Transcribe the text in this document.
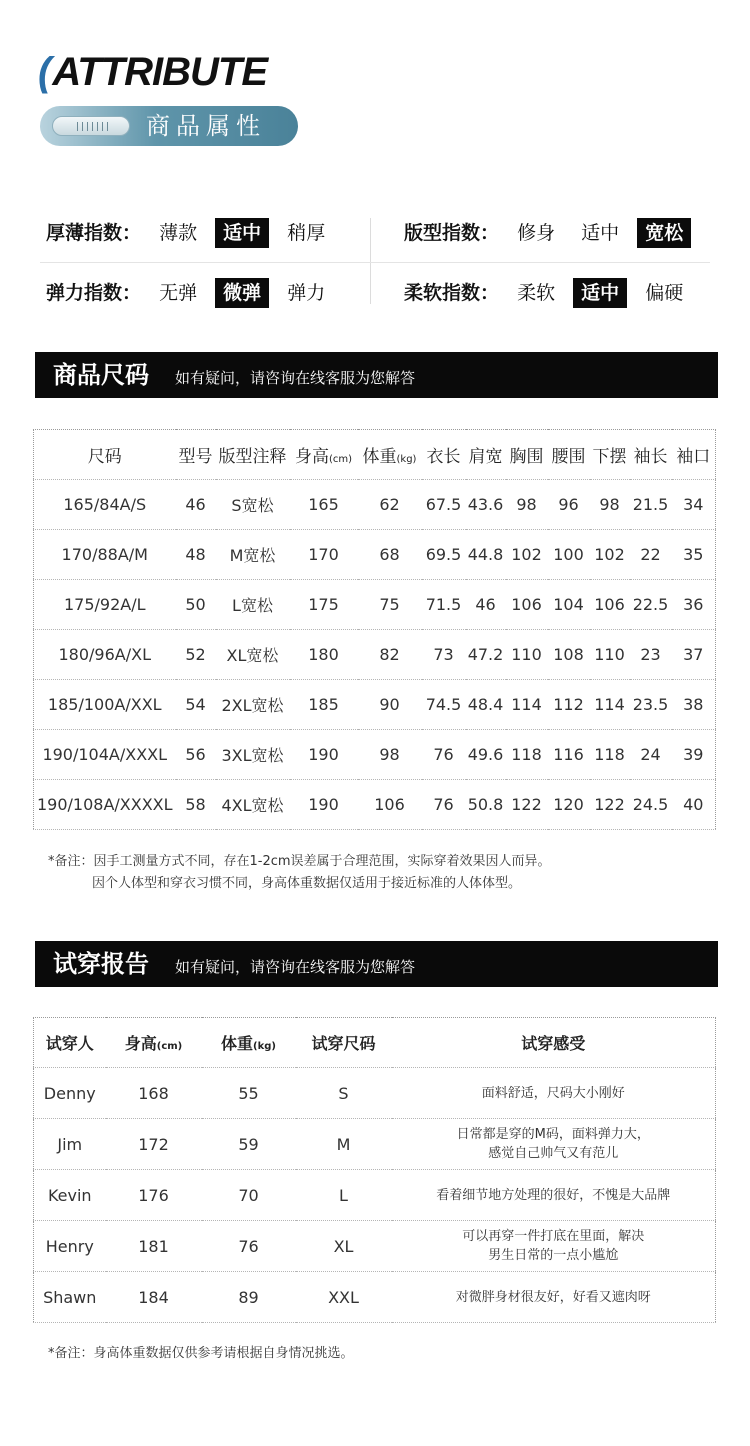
(ATTRIBUTE
商品属性
厚薄指数： 薄款 适中 稍厚	版型指数： 修身 适中 宽松
弹力指数： 无弹 微弹 弹力	柔软指数： 柔软 适中 偏硬
商品尺码 如有疑问，请咨询在线客服为您解答
尺码	型号	版型注释	身高(cm)	体重(kg)	衣长	肩宽	胸围	腰围	下摆	袖长	袖口
165/84A/S	46	S宽松	165	62	67.5	43.6	98	96	98	21.5	34
170/88A/M	48	M宽松	170	68	69.5	44.8	102	100	102	22	35
175/92A/L	50	L宽松	175	75	71.5	46	106	104	106	22.5	36
180/96A/XL	52	XL宽松	180	82	73	47.2	110	108	110	23	37
185/100A/XXL	54	2XL宽松	185	90	74.5	48.4	114	112	114	23.5	38
190/104A/XXXL	56	3XL宽松	190	98	76	49.6	118	116	118	24	39
190/108A/XXXXL	58	4XL宽松	190	106	76	50.8	122	120	122	24.5	40
*备注：因手工测量方式不同，存在1-2cm误差属于合理范围，实际穿着效果因人而异。
因个人体型和穿衣习惯不同，身高体重数据仅适用于接近标准的人体体型。
试穿报告 如有疑问，请咨询在线客服为您解答
试穿人	身高(cm)	体重(kg)	试穿尺码	试穿感受
Denny	168	55	S	面料舒适，尺码大小刚好
Jim	172	59	M	日常都是穿的M码，面料弹力大，
感觉自己帅气又有范儿
Kevin	176	70	L	看着细节地方处理的很好，不愧是大品牌
Henry	181	76	XL	可以再穿一件打底在里面，解决
男生日常的一点小尴尬
Shawn	184	89	XXL	对微胖身材很友好，好看又遮肉呀
*备注：身高体重数据仅供参考请根据自身情况挑选。
